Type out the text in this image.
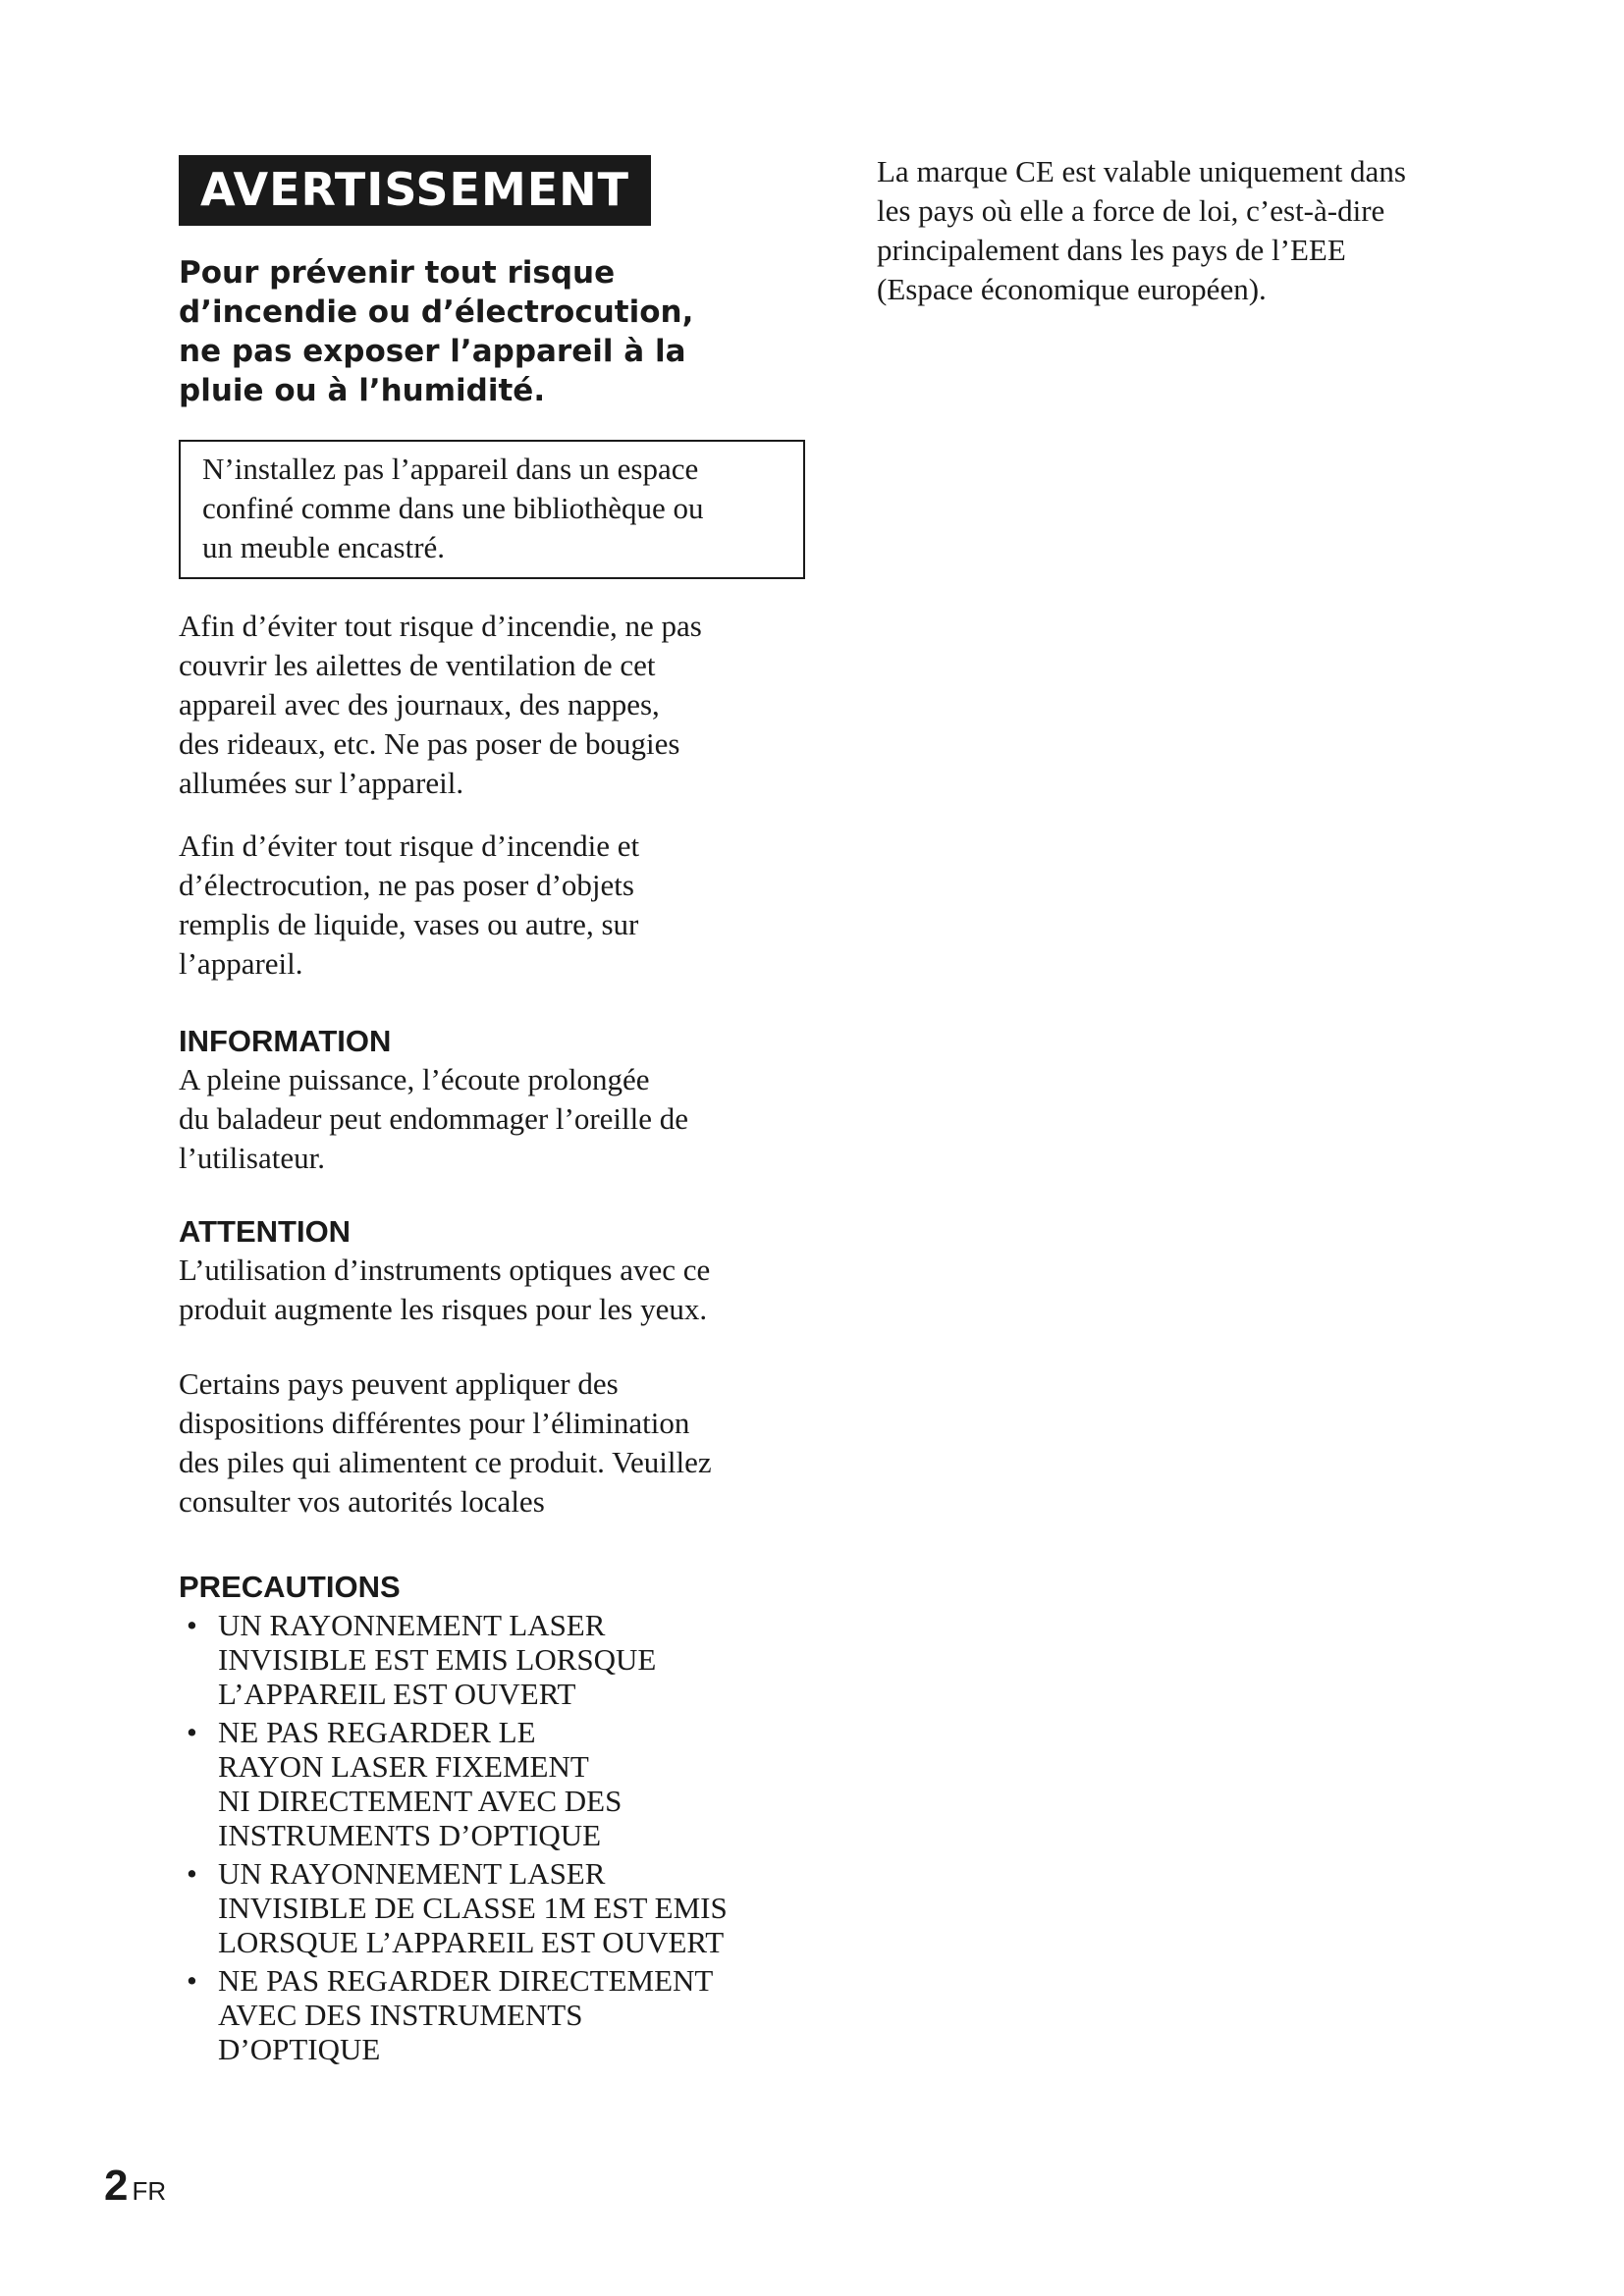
AVERTISSEMENT

Pour prévenir tout risque

d’incendie ou d’électrocution,

ne pas exposer l’appareil à la

pluie ou à l’humidité.

N’installez pas l’appareil dans un espace
confiné comme dans une bibliothèque ou
un meuble encastré.

Afin d’éviter tout risque d’incendie, ne pas

couvrir les ailettes de ventilation de cet

appareil avec des journaux, des nappes,

des rideaux, etc. Ne pas poser de bougies

allumées sur l’appareil.

Afin d’éviter tout risque d’incendie et

d’électrocution, ne pas poser d’objets

remplis de liquide, vases ou autre, sur

l’appareil.

INFORMATION

A pleine puissance, l’écoute prolongée

du baladeur peut endommager l’oreille de

l’utilisateur.

ATTENTION

L’utilisation d’instruments optiques avec ce

produit augmente les risques pour les yeux.

Certains pays peuvent appliquer des

dispositions différentes pour l’élimination

des piles qui alimentent ce produit. Veuillez

consulter vos autorités locales

PRECAUTIONS
• UN RAYONNEMENT LASER
INVISIBLE EST EMIS LORSQUE
L’APPAREIL EST OUVERT
• NE PAS REGARDER LE
RAYON LASER FIXEMENT
NI DIRECTEMENT AVEC DES
INSTRUMENTS D’OPTIQUE
• UN RAYONNEMENT LASER
INVISIBLE DE CLASSE 1M EST EMIS
LORSQUE L’APPAREIL EST OUVERT
• NE PAS REGARDER DIRECTEMENT
AVEC DES INSTRUMENTS
D’OPTIQUE
La marque CE est valable uniquement dans
les pays où elle a force de loi, c’est-à-dire
principalement dans les pays de l’EEE
(Espace économique européen).
2 FR
